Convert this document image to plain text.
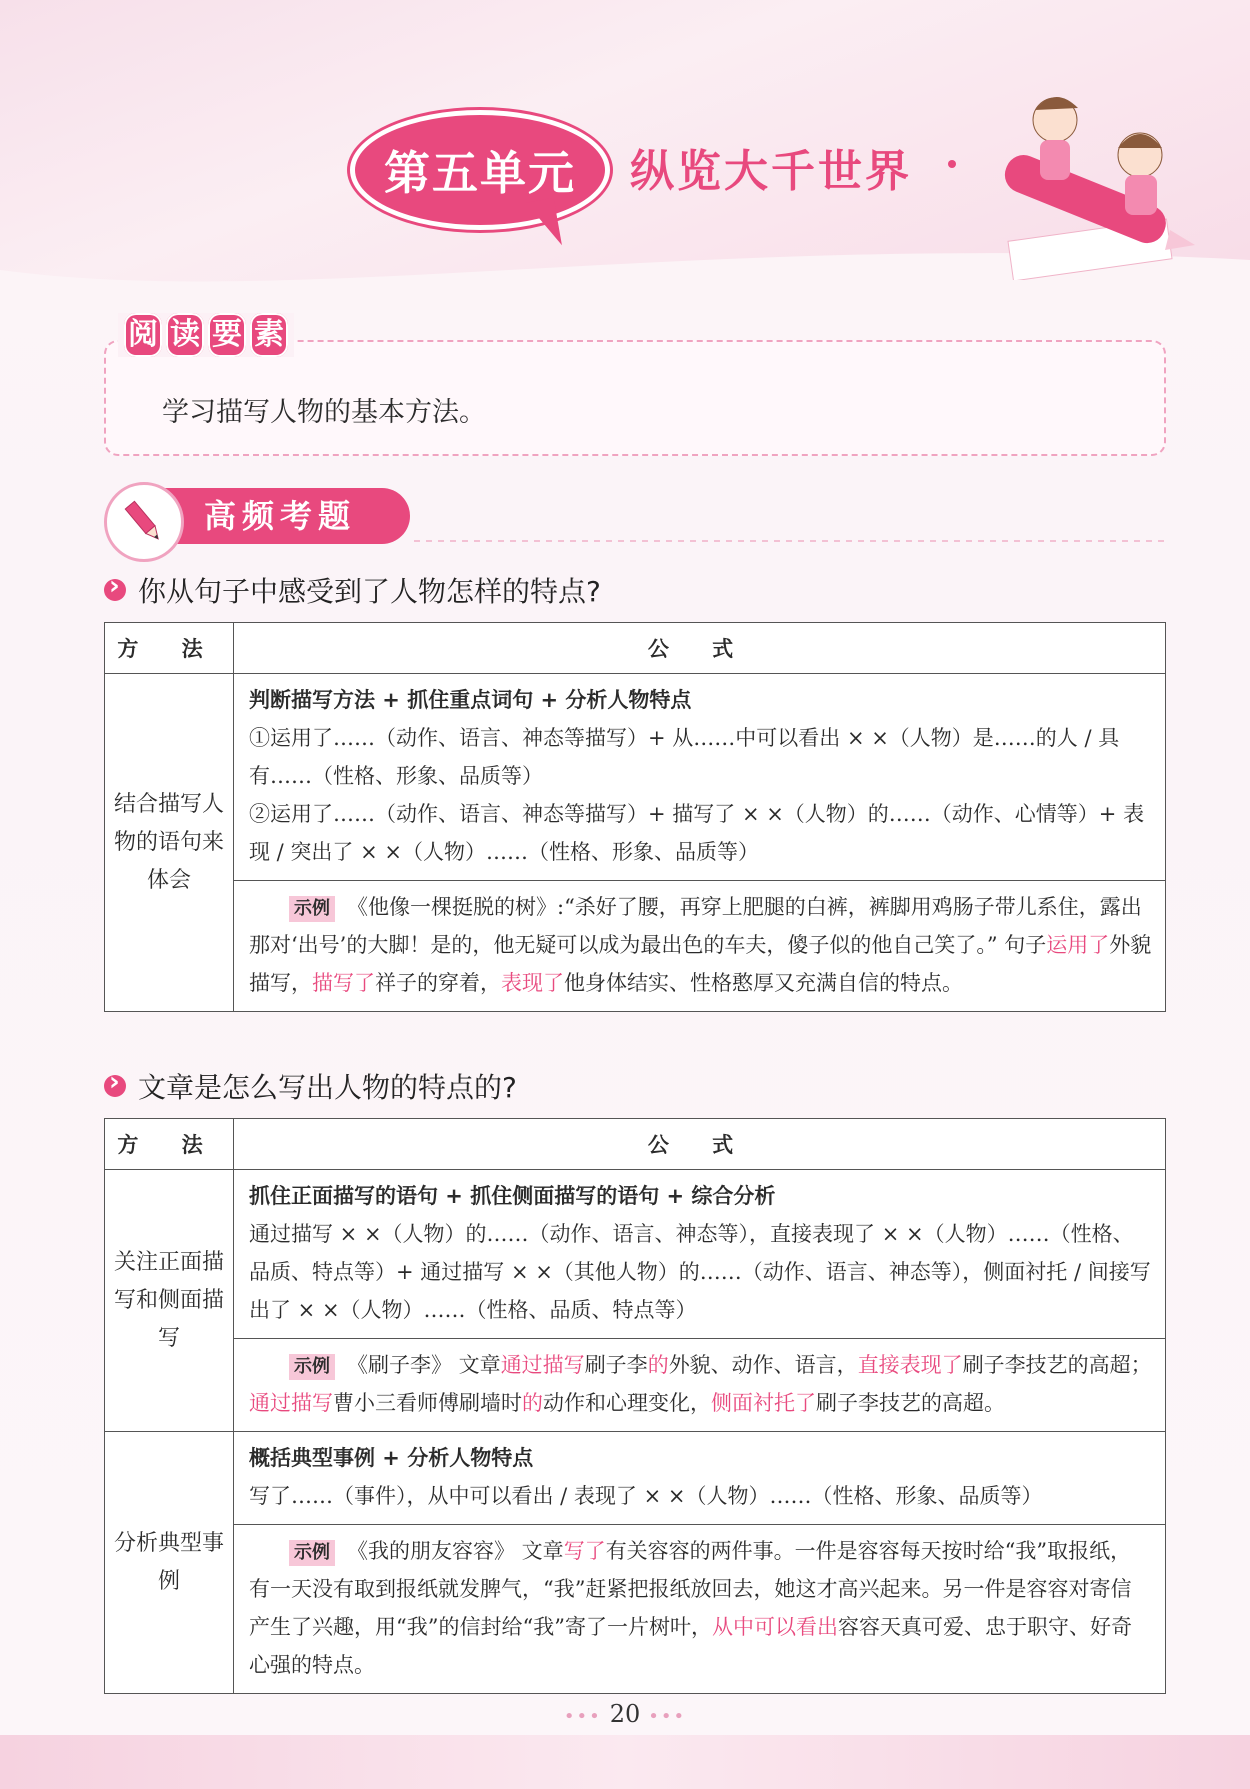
第五单元 纵览大千世界
阅 读 要 素
学习描写人物的基本方法。
高频考题
›
你从句子中感受到了人物怎样的特点?
方 法	公 式
结合描写人物的语句来体会	判断描写方法 + 抓住重点词句 + 分析人物特点
①运用了……（动作、语言、神态等描写）+ 从……中可以看出 × ×（人物）是……的人 / 具有……（性格、形象、品质等）
②运用了……（动作、语言、神态等描写）+ 描写了 × ×（人物）的……（动作、心情等）+ 表现 / 突出了 × ×（人物）……（性格、形象、品质等）

	示例 《他像一棵挺脱的树》:“杀好了腰，再穿上肥腿的白裤，裤脚用鸡肠子带儿系住，露出那对‘出号’的大脚！是的，他无疑可以成为最出色的车夫，傻子似的他自己笑了。” 句子运用了外貌描写，描写了祥子的穿着，表现了他身体结实、性格憨厚又充满自信的特点。
›
文章是怎么写出人物的特点的?
方 法	公 式
关注正面描写和侧面描写	抓住正面描写的语句 + 抓住侧面描写的语句 + 综合分析
通过描写 × ×（人物）的……（动作、语言、神态等），直接表现了 × ×（人物）……（性格、品质、特点等）+ 通过描写 × ×（其他人物）的……（动作、语言、神态等），侧面衬托 / 间接写出了 × ×（人物）……（性格、品质、特点等）

	示例 《刷子李》 文章通过描写刷子李的外貌、动作、语言，直接表现了刷子李技艺的高超；通过描写曹小三看师傅刷墙时的动作和心理变化，侧面衬托了刷子李技艺的高超。

分析典型事例	概括典型事例 + 分析人物特点
写了……（事件），从中可以看出 / 表现了 × ×（人物）……（性格、形象、品质等）

	示例 《我的朋友容容》 文章写了有关容容的两件事。一件是容容每天按时给“我”取报纸，有一天没有取到报纸就发脾气，“我”赶紧把报纸放回去，她这才高兴起来。另一件是容容对寄信产生了兴趣，用“我”的信封给“我”寄了一片树叶，从中可以看出容容天真可爱、忠于职守、好奇心强的特点。
••• 20 •••
